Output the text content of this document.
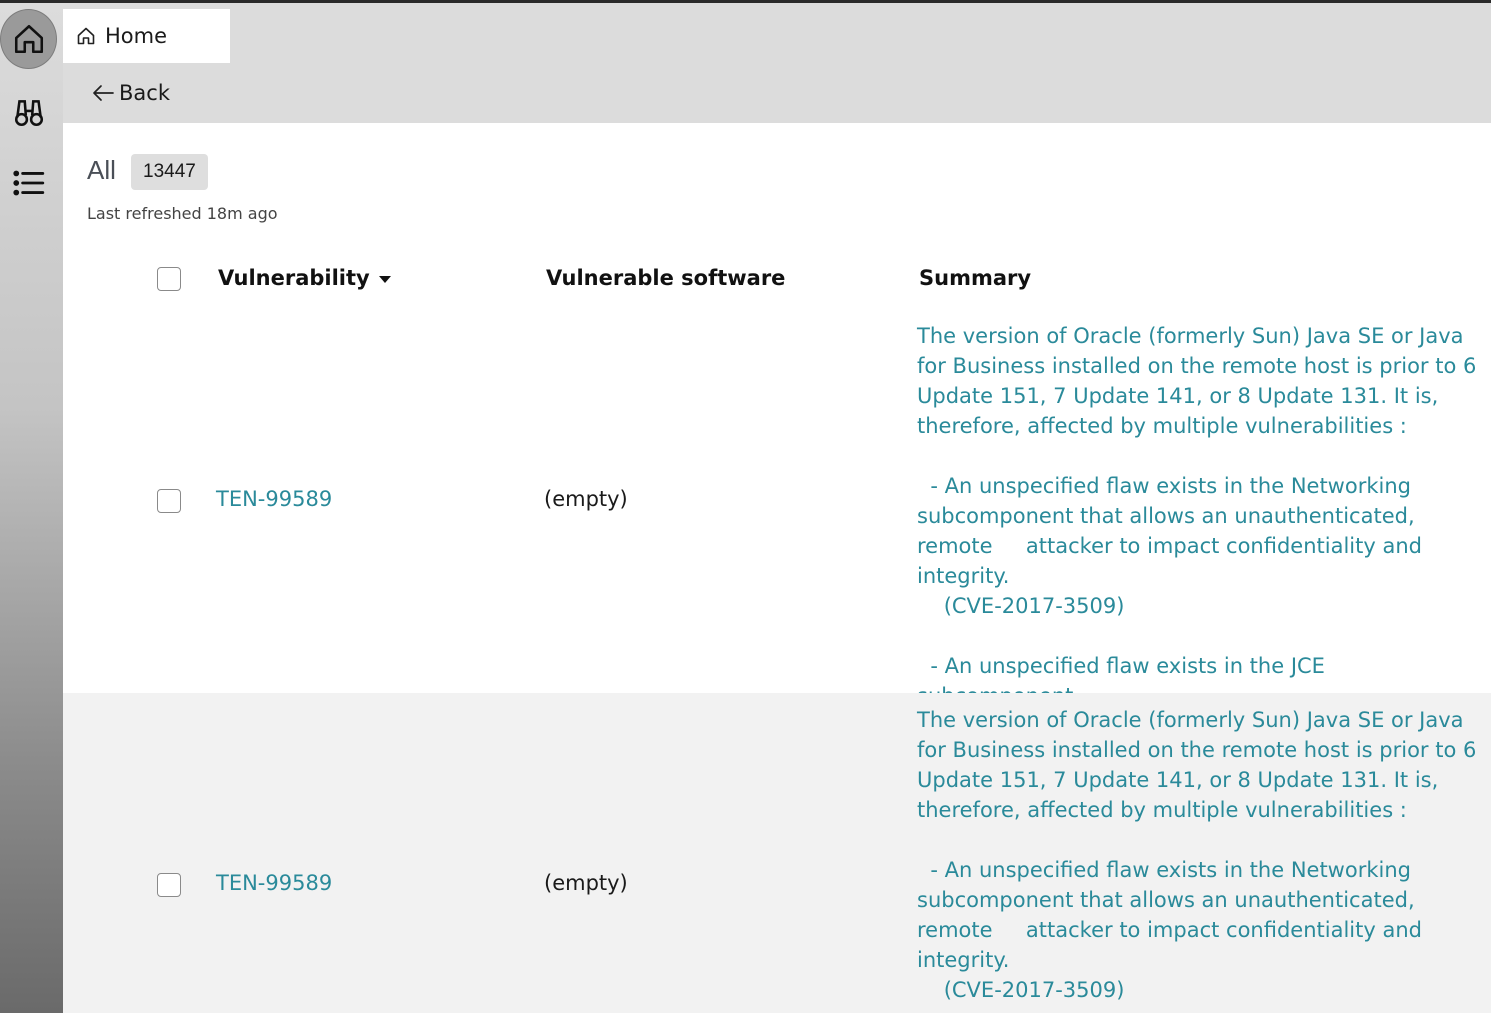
Home
Back
All	13447
Last refreshed 18m ago
Vulnerability	Vulnerable software	Summary
TEN-99589	(empty)
The version of Oracle (formerly Sun) Java SE or Java
for Business installed on the remote host is prior to 6
Update 151, 7 Update 141, or 8 Update 131. It is,
therefore, affected by multiple vulnerabilities :

- An unspecified flaw exists in the Networking
subcomponent that allows an unauthenticated,
remote     attacker to impact confidentiality and
integrity.
(CVE-2017-3509)

- An unspecified flaw exists in the JCE
TEN-99589	(empty)
The version of Oracle (formerly Sun) Java SE or Java
for Business installed on the remote host is prior to 6
Update 151, 7 Update 141, or 8 Update 131. It is,
therefore, affected by multiple vulnerabilities :

- An unspecified flaw exists in the Networking
subcomponent that allows an unauthenticated,
remote     attacker to impact confidentiality and
integrity.
(CVE-2017-3509)
